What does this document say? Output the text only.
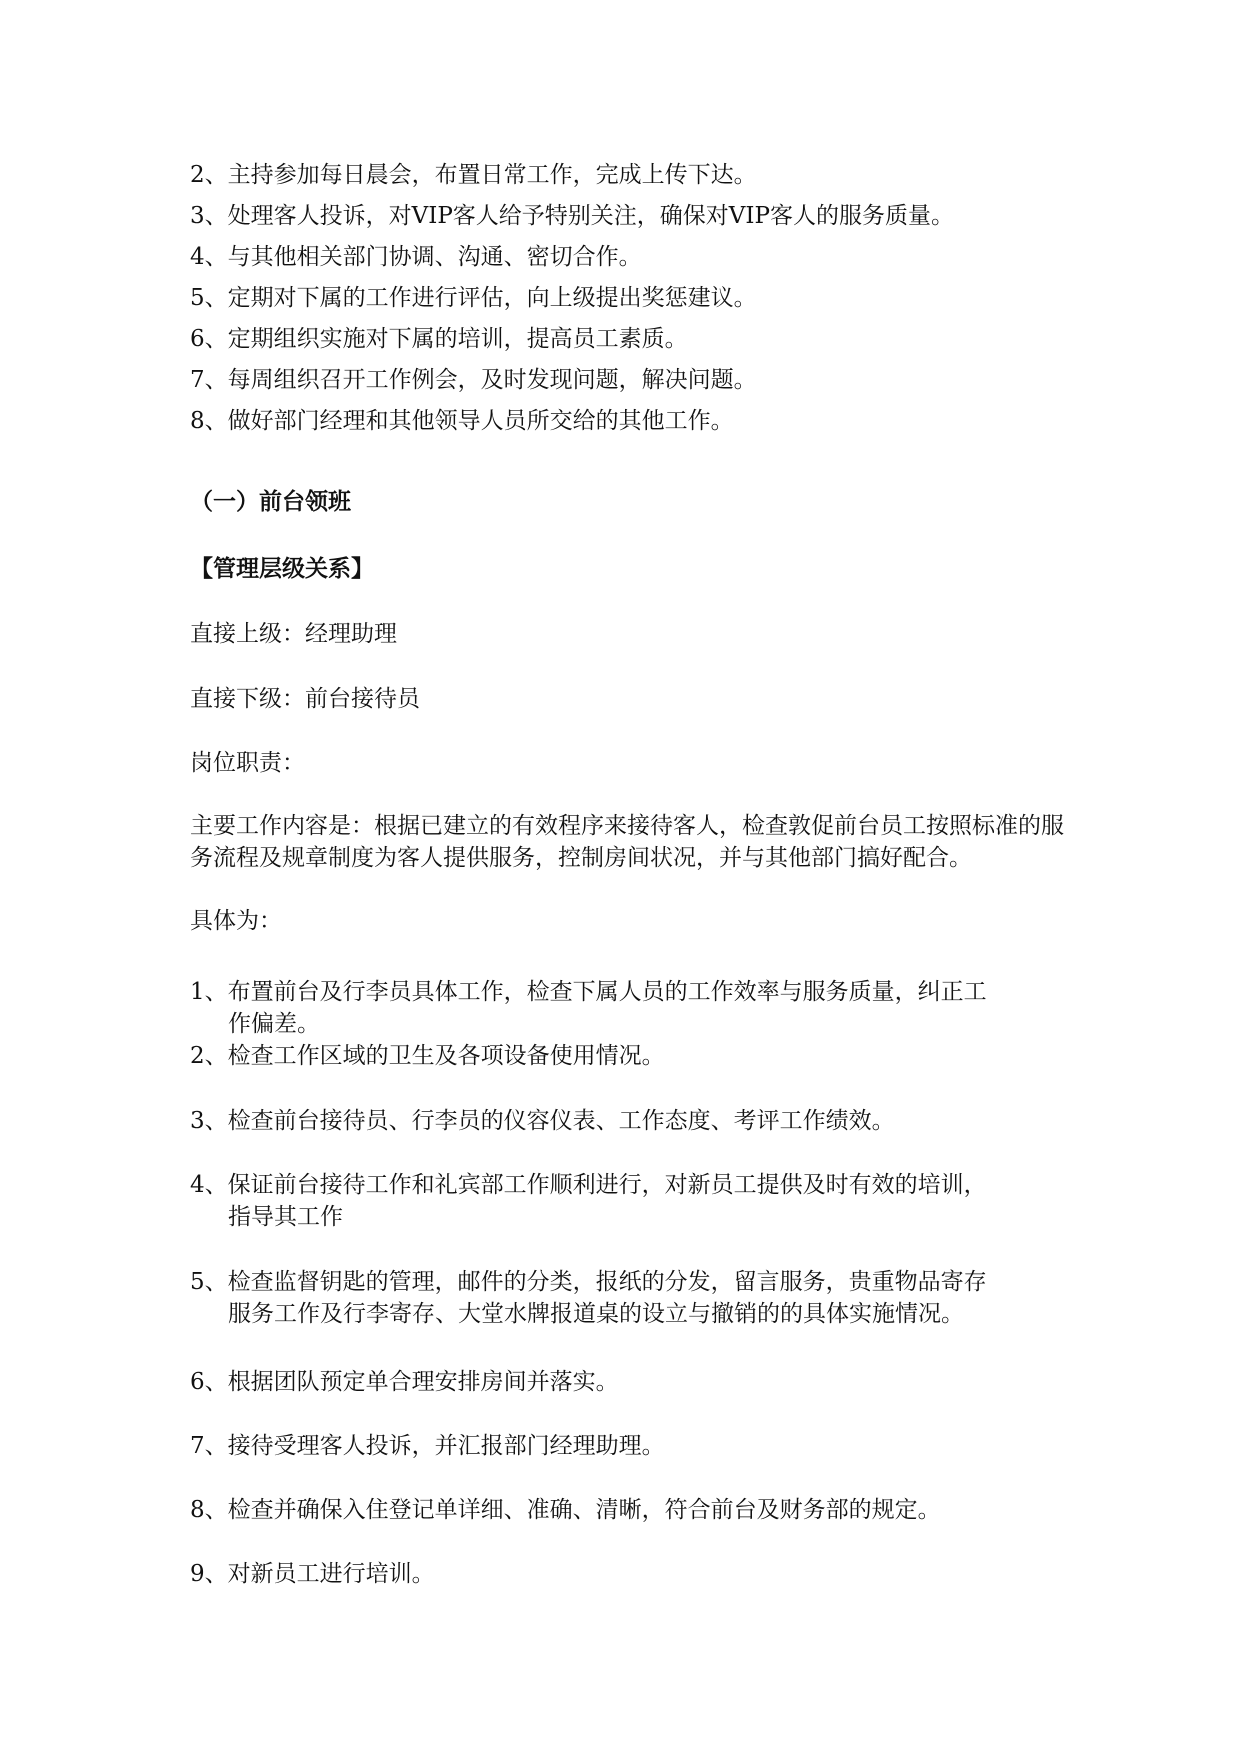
2、主持参加每日晨会，布置日常工作，完成上传下达。

3、处理客人投诉，对VIP客人给予特别关注，确保对VIP客人的服务质量。

4、与其他相关部门协调、沟通、密切合作。

5、定期对下属的工作进行评估，向上级提出奖惩建议。

6、定期组织实施对下属的培训，提高员工素质。

7、每周组织召开工作例会，及时发现问题，解决问题。

8、做好部门经理和其他领导人员所交给的其他工作。

（一）前台领班

【管理层级关系】

直接上级：经理助理

直接下级：前台接待员

岗位职责：

主要工作内容是：根据已建立的有效程序来接待客人，检查敦促前台员工按照标准的服务流程及规章制度为客人提供服务，控制房间状况，并与其他部门搞好配合。

具体为：

1、布置前台及行李员具体工作，检查下属人员的工作效率与服务质量，纠正工
作偏差。

2、检查工作区域的卫生及各项设备使用情况。

3、检查前台接待员、行李员的仪容仪表、工作态度、考评工作绩效。

4、保证前台接待工作和礼宾部工作顺利进行，对新员工提供及时有效的培训，
指导其工作
5、检查监督钥匙的管理，邮件的分类，报纸的分发，留言服务，贵重物品寄存
服务工作及行李寄存、大堂水牌报道桌的设立与撤销的的具体实施情况。

6、根据团队预定单合理安排房间并落实。

7、接待受理客人投诉，并汇报部门经理助理。

8、检查并确保入住登记单详细、准确、清晰，符合前台及财务部的规定。

9、对新员工进行培训。
